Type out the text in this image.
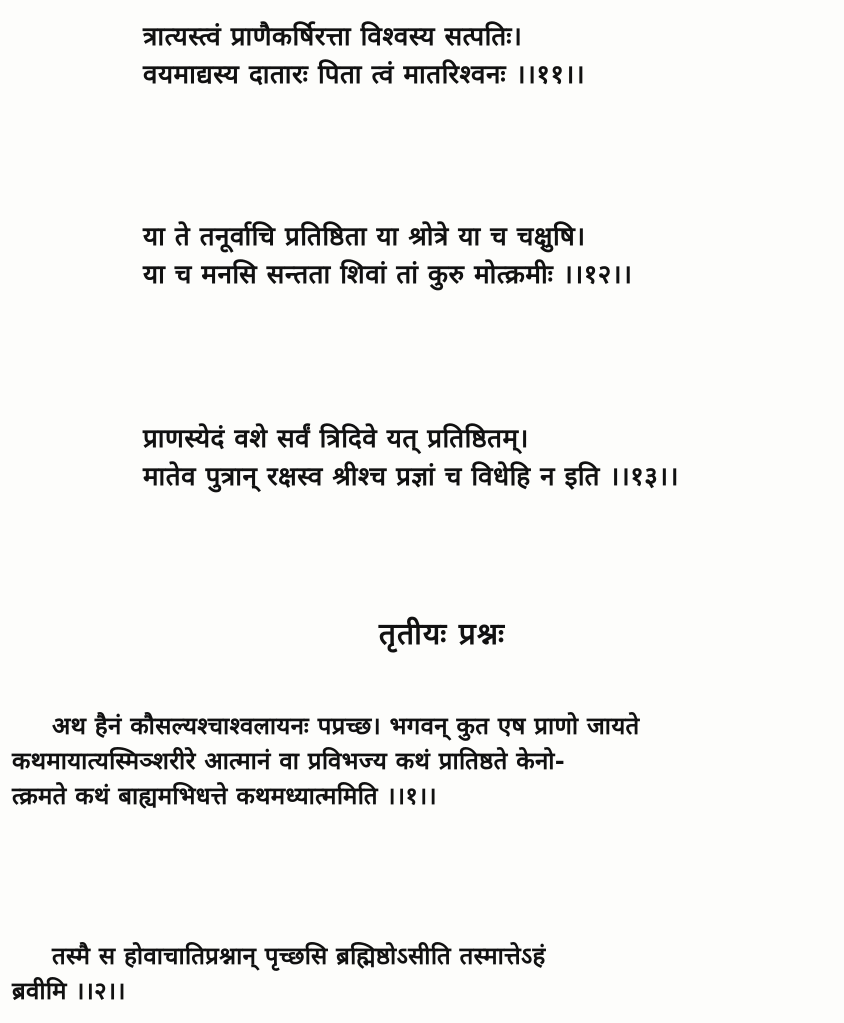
त्रात्यस्त्वं प्राणैकर्षिरत्ता विश्वस्य सत्पतिः।
वयमाद्यस्य दातारः पिता त्वं मातरिश्वनः ।।११।।
या ते तनूर्वाचि प्रतिष्ठिता या श्रोत्रे या च चक्षुषि।
या च मनसि सन्तता शिवां तां कुरु मोत्क्रमीः ।।१२।।
प्राणस्येदं वशे सर्वं त्रिदिवे यत् प्रतिष्ठितम्।
मातेव पुत्रान् रक्षस्व श्रीश्च प्रज्ञां च विधेहि न इति ।।१३।।
तृतीयः प्रश्नः
अथ हैनं कौसल्यश्चाश्वलायनः पप्रच्छ। भगवन् कुत एष प्राणो जायते
कथमायात्यस्मिञ्शरीरे आत्मानं वा प्रविभज्य कथं प्रातिष्ठते केनो-
त्क्रमते कथं बाह्यमभिधत्ते कथमध्यात्ममिति ।।१।।
तस्मै स होवाचातिप्रश्नान् पृच्छसि ब्रह्मिष्ठोऽसीति तस्मात्तेऽहं
ब्रवीमि ।।२।।
